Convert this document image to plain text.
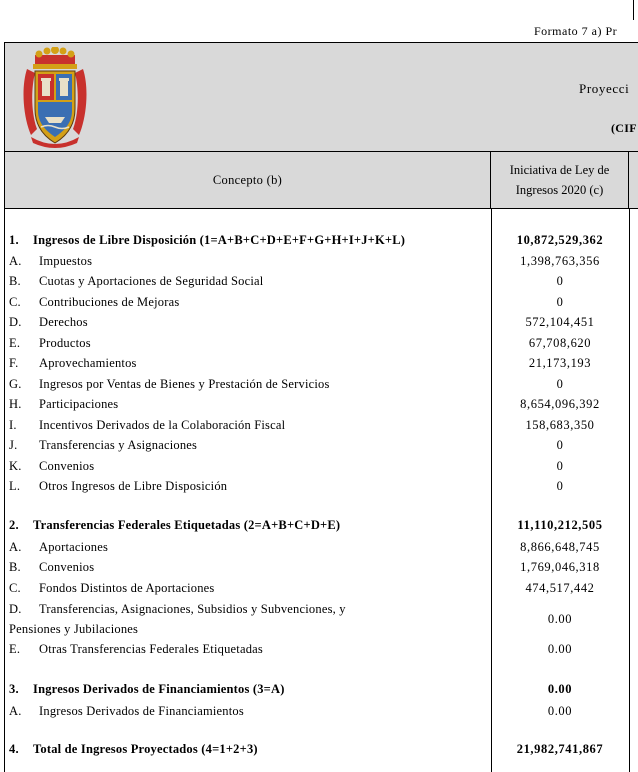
Formato 7 a) Pr
Proyecci
(CIF
Concepto (b)
Iniciativa de Ley de
Ingresos 2020 (c)
1. Ingresos de Libre Disposición (1=A+B+C+D+E+F+G+H+I+J+K+L)	10,872,529,362
A. Impuestos	1,398,763,356
B. Cuotas y Aportaciones de Seguridad Social	0
C. Contribuciones de Mejoras	0
D. Derechos	572,104,451
E. Productos	67,708,620
F. Aprovechamientos	21,173,193
G. Ingresos por Ventas de Bienes y Prestación de Servicios	0
H. Participaciones	8,654,096,392
I. Incentivos Derivados de la Colaboración Fiscal	158,683,350
J. Transferencias y Asignaciones	0
K. Convenios	0
L. Otros Ingresos de Libre Disposición	0
2. Transferencias Federales Etiquetadas (2=A+B+C+D+E)	11,110,212,505
A. Aportaciones	8,866,648,745
B. Convenios	1,769,046,318
C. Fondos Distintos de Aportaciones	474,517,442
D. Transferencias, Asignaciones, Subsidios y Subvenciones, y
Pensiones y Jubilaciones
0.00
E. Otras Transferencias Federales Etiquetadas	0.00
3. Ingresos Derivados de Financiamientos (3=A)	0.00
A. Ingresos Derivados de Financiamientos	0.00
4. Total de Ingresos Proyectados (4=1+2+3)	21,982,741,867
